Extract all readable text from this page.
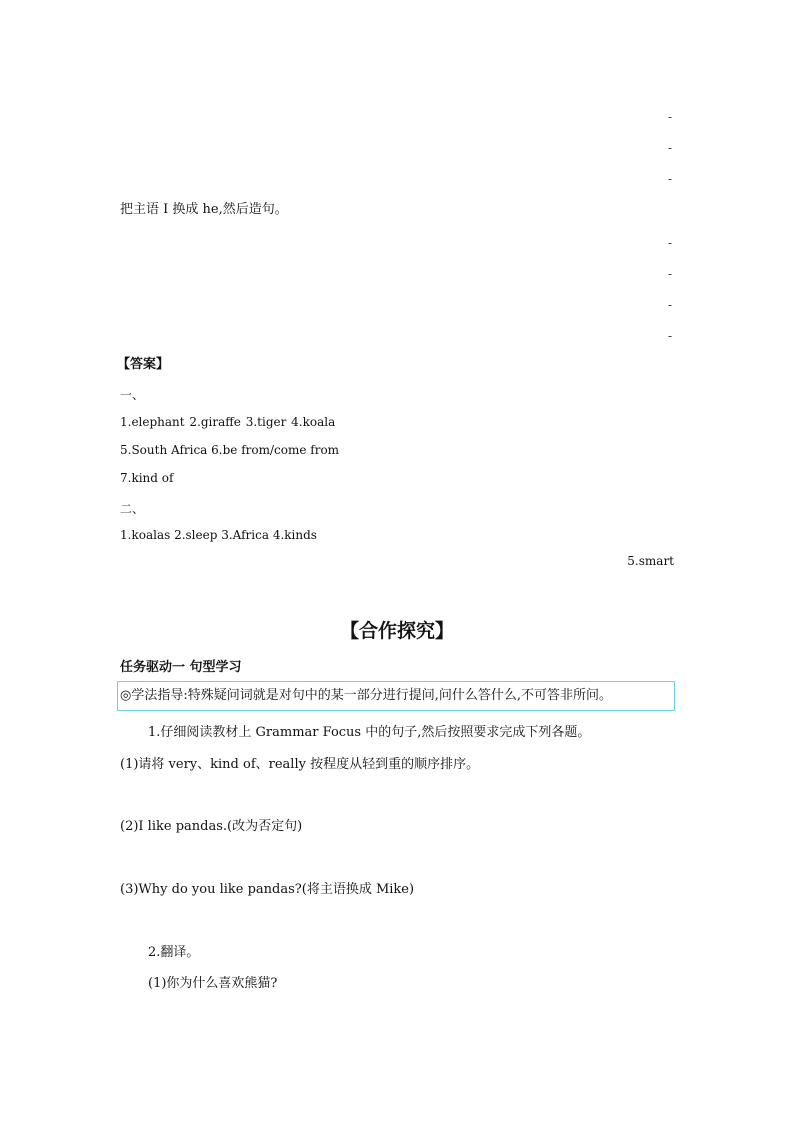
-
-
-
把主语 I 换成 he,然后造句。
-
-
-
-
【答案】
一、
1.elephant 2.giraffe 3.tiger 4.koala
5.South Africa 6.be from/come from
7.kind of
二、
1.koalas 2.sleep 3.Africa 4.kinds
5.smart
【合作探究】
任务驱动一 句型学习
◎学法指导:特殊疑问词就是对句中的某一部分进行提问,问什么答什么,不可答非所问。
1.仔细阅读教材上 Grammar Focus 中的句子,然后按照要求完成下列各题。
(1)请将 very、kind of、really 按程度从轻到重的顺序排序。
(2)I like pandas.(改为否定句)
(3)Why do you like pandas?(将主语换成 Mike)
2.翻译。
(1)你为什么喜欢熊猫?
